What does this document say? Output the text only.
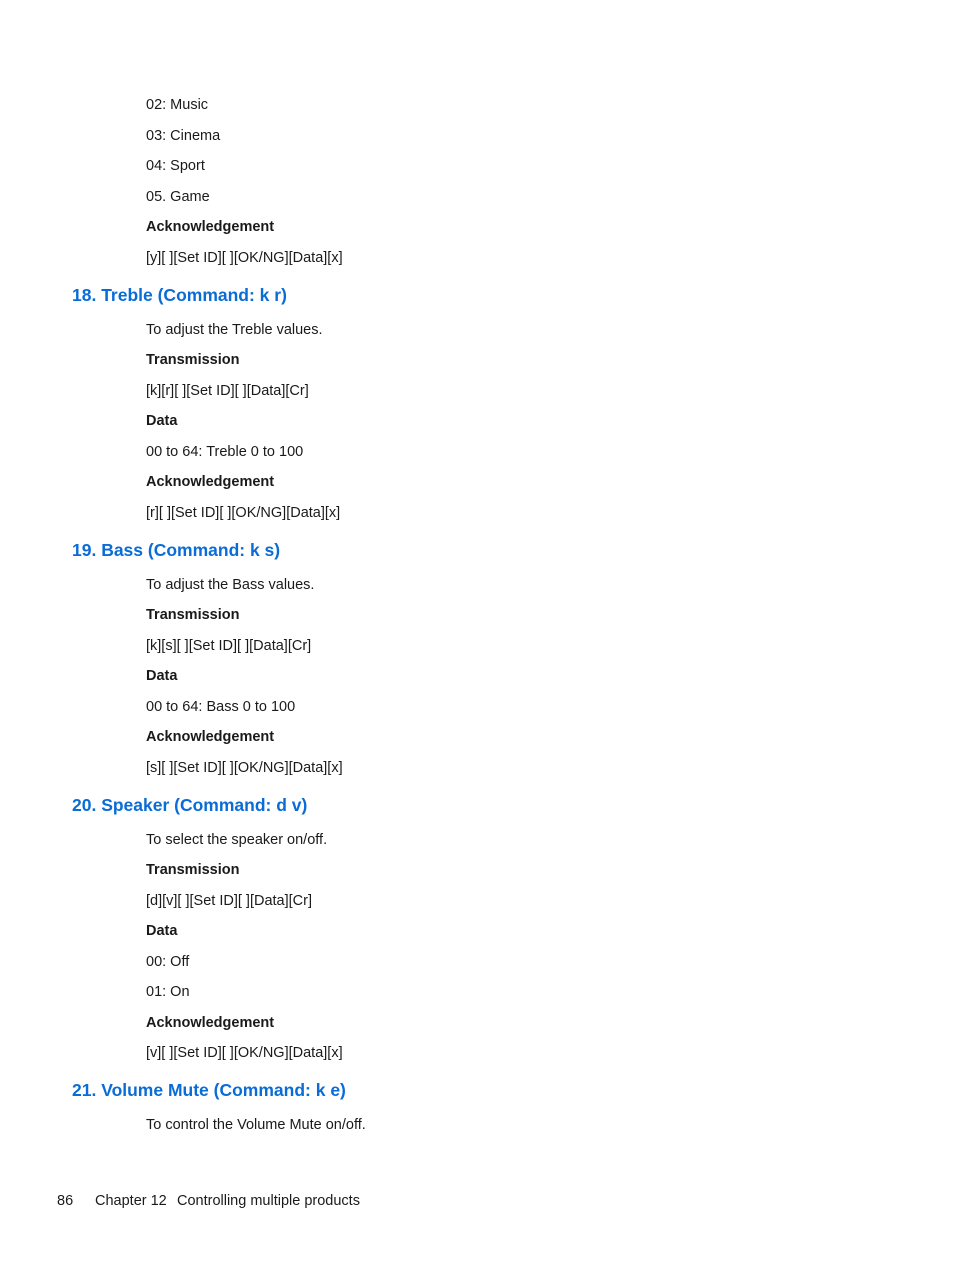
02: Music
03: Cinema
04: Sport
05. Game
Acknowledgement
[y][ ][Set ID][ ][OK/NG][Data][x]
18. Treble (Command: k r)
To adjust the Treble values.
Transmission
[k][r][ ][Set ID][ ][Data][Cr]
Data
00 to 64: Treble 0 to 100
Acknowledgement
[r][ ][Set ID][ ][OK/NG][Data][x]
19. Bass (Command: k s)
To adjust the Bass values.
Transmission
[k][s][ ][Set ID][ ][Data][Cr]
Data
00 to 64: Bass 0 to 100
Acknowledgement
[s][ ][Set ID][ ][OK/NG][Data][x]
20. Speaker (Command: d v)
To select the speaker on/off.
Transmission
[d][v][ ][Set ID][ ][Data][Cr]
Data
00: Off
01: On
Acknowledgement
[v][ ][Set ID][ ][OK/NG][Data][x]
21. Volume Mute (Command: k e)
To control the Volume Mute on/off.
86 Chapter 12 Controlling multiple products
